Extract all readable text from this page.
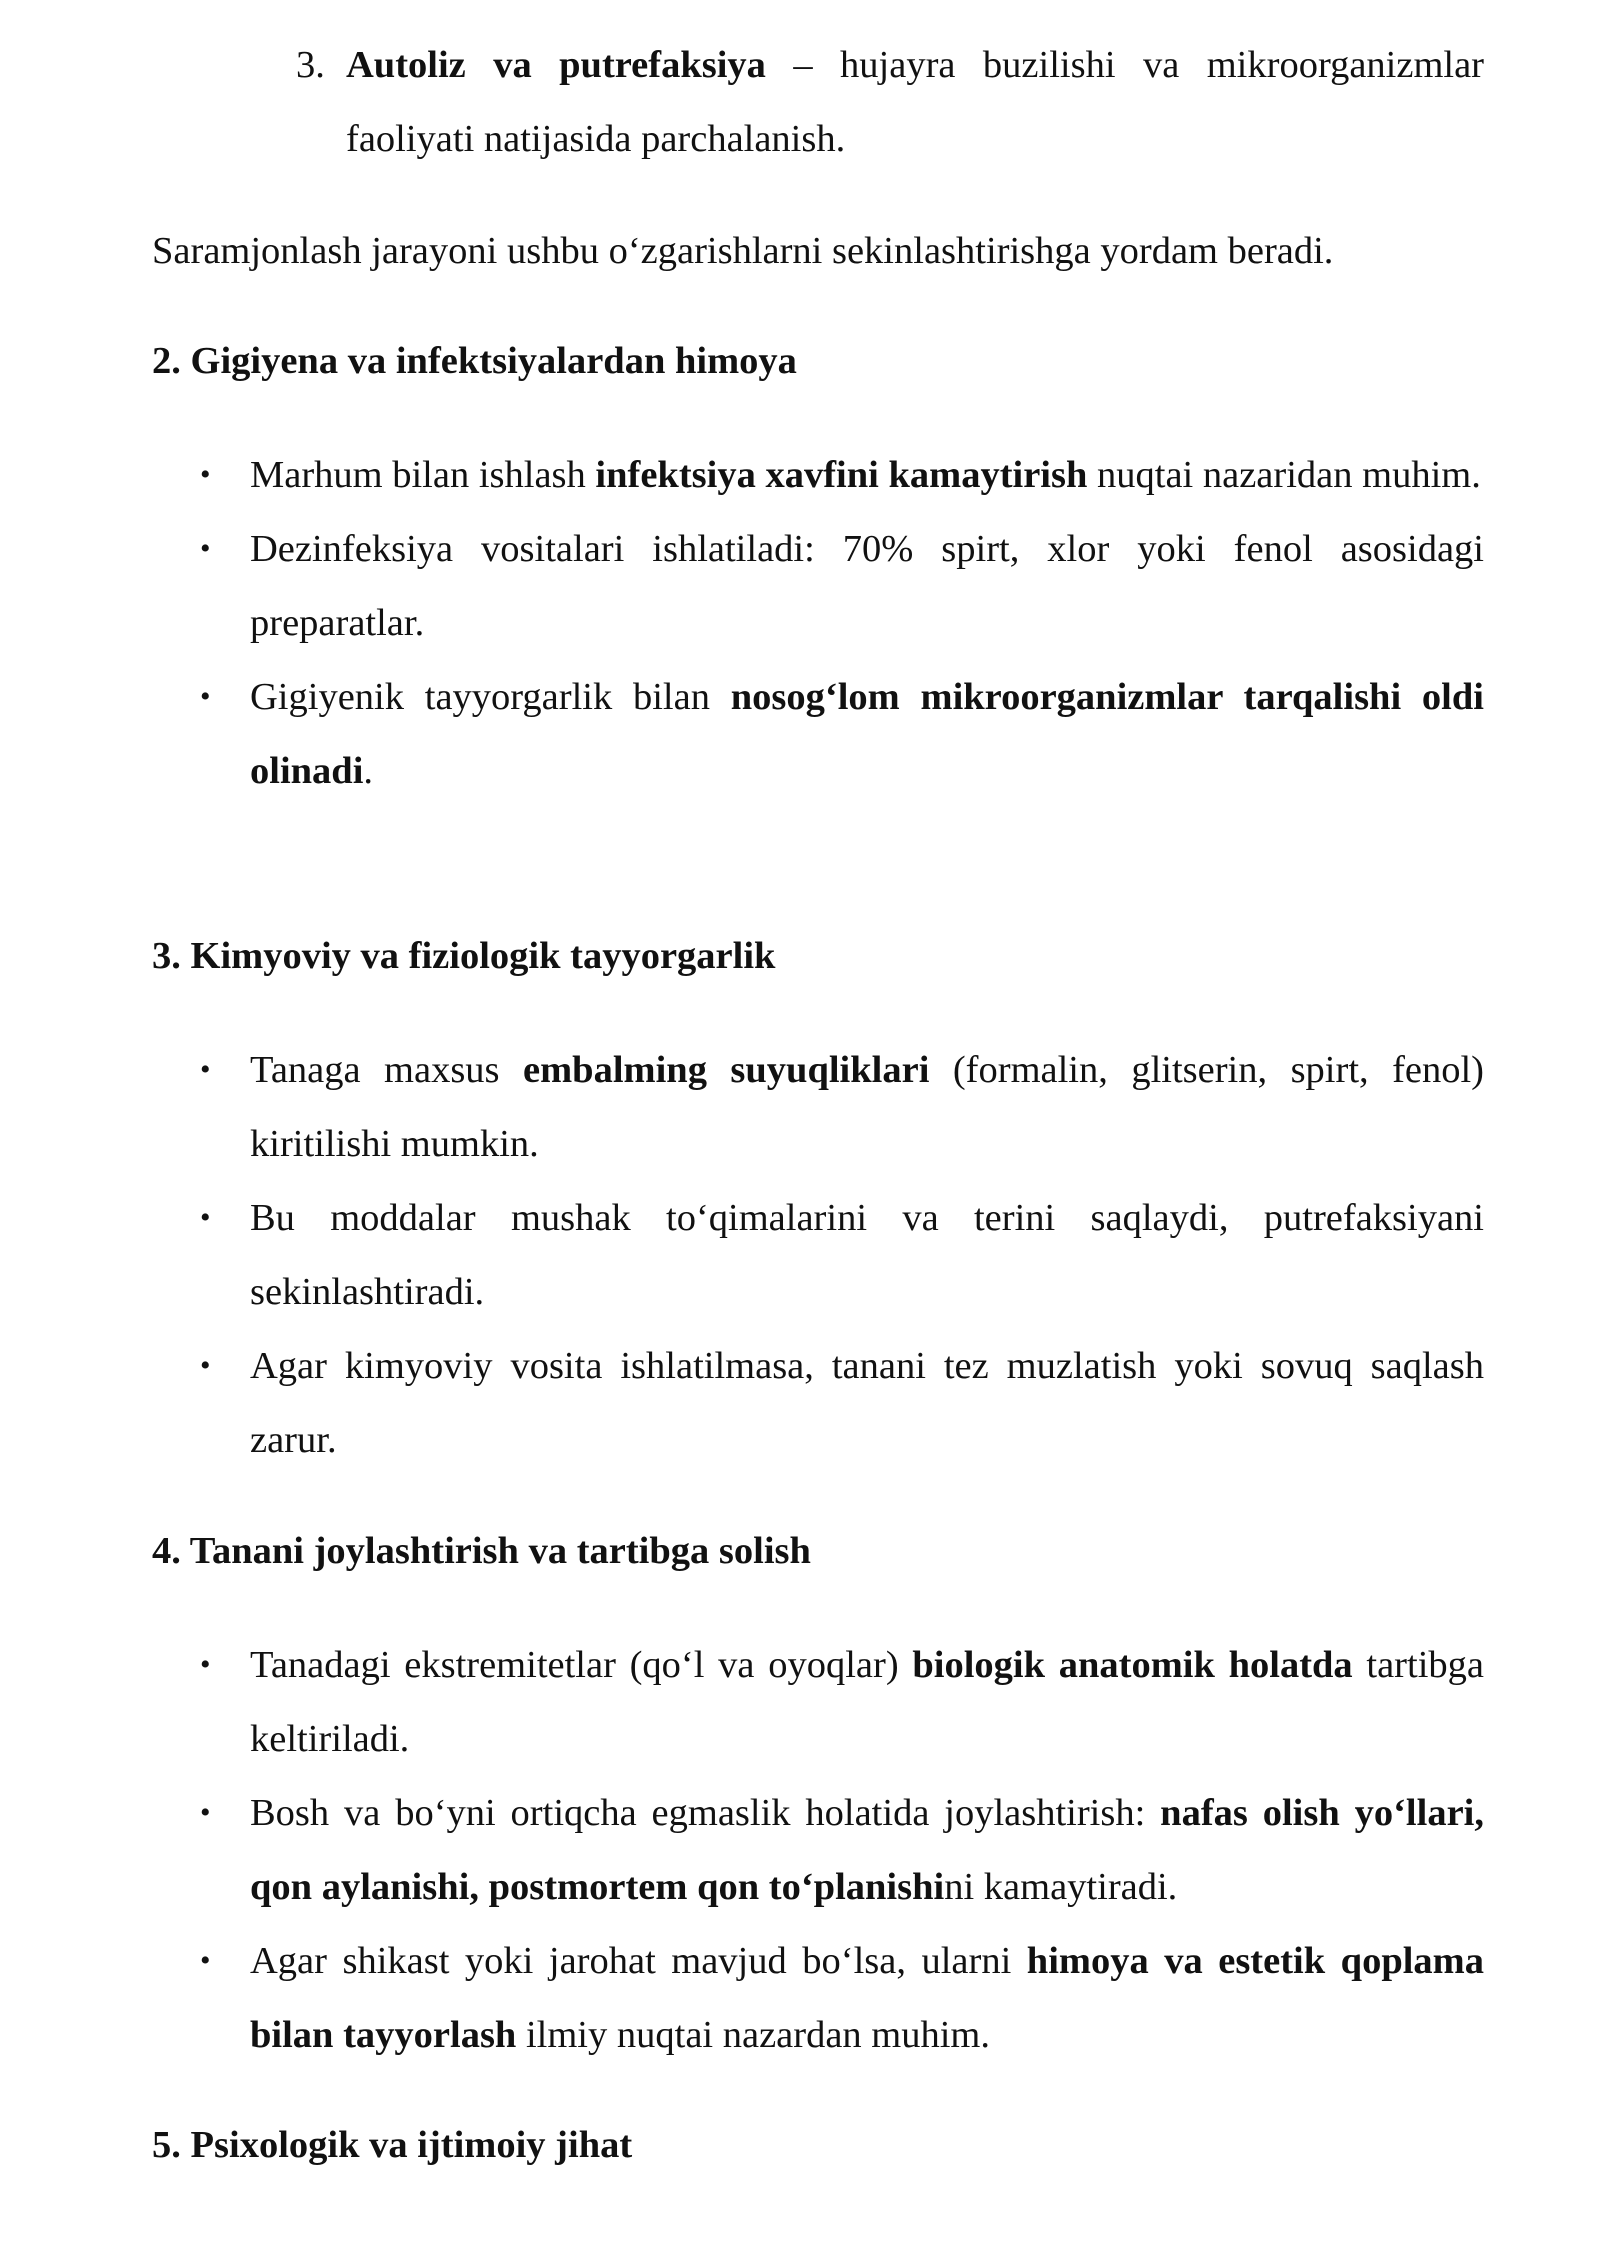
3. Autoliz va putrefaksiya – hujayra buzilishi va mikroorganizmlar faoliyati natijasida parchalanish.
Saramjonlash jarayoni ushbu o‘zgarishlarni sekinlashtirishga yordam beradi.
2. Gigiyena va infektsiyalardan himoya
• Marhum bilan ishlash infektsiya xavfini kamaytirish nuqtai nazaridan muhim.
• Dezinfeksiya vositalari ishlatiladi: 70% spirt, xlor yoki fenol asosidagi preparatlar.
• Gigiyenik tayyorgarlik bilan nosog‘lom mikroorganizmlar tarqalishi oldi olinadi.
3. Kimyoviy va fiziologik tayyorgarlik
• Tanaga maxsus embalming suyuqliklari (formalin, glitserin, spirt, fenol) kiritilishi mumkin.
• Bu moddalar mushak to‘qimalarini va terini saqlaydi, putrefaksiyani sekinlashtiradi.
• Agar kimyoviy vosita ishlatilmasa, tanani tez muzlatish yoki sovuq saqlash zarur.
4. Tanani joylashtirish va tartibga solish
• Tanadagi ekstremitetlar (qo‘l va oyoqlar) biologik anatomik holatda tartibga keltiriladi.
• Bosh va bo‘yni ortiqcha egmaslik holatida joylashtirish: nafas olish yo‘llari, qon aylanishi, postmortem qon to‘planishini kamaytiradi.
• Agar shikast yoki jarohat mavjud bo‘lsa, ularni himoya va estetik qoplama bilan tayyorlash ilmiy nuqtai nazardan muhim.
5. Psixologik va ijtimoiy jihat
